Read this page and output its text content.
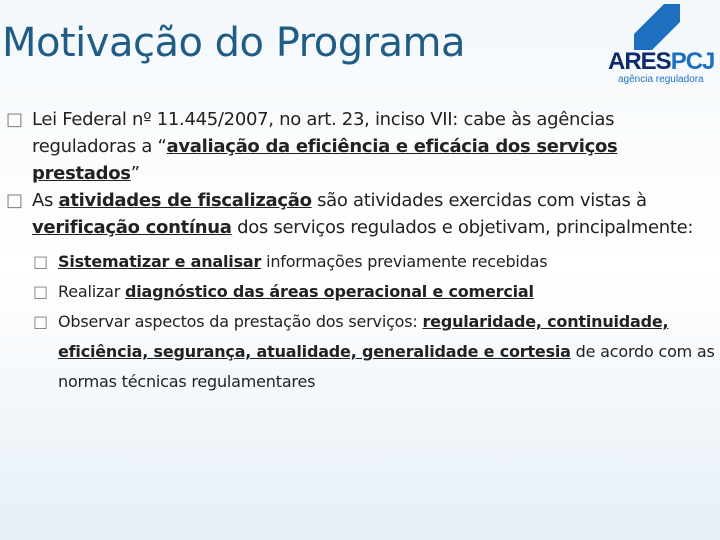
Motivação do Programa	ARESPCJ
agência reguladora

□ Lei Federal nº 11.445/2007, no art. 23, inciso VII: cabe às agências reguladoras a “avaliação da eficiência e eficácia dos serviços prestados”

□ As atividades de fiscalização são atividades exercidas com vistas à verificação contínua dos serviços regulados e objetivam, principalmente:

□ Sistematizar e analisar informações previamente recebidas

□ Realizar diagnóstico das áreas operacional e comercial

□ Observar aspectos da prestação dos serviços: regularidade, continuidade, eficiência, segurança, atualidade, generalidade e cortesia de acordo com as normas técnicas regulamentares
